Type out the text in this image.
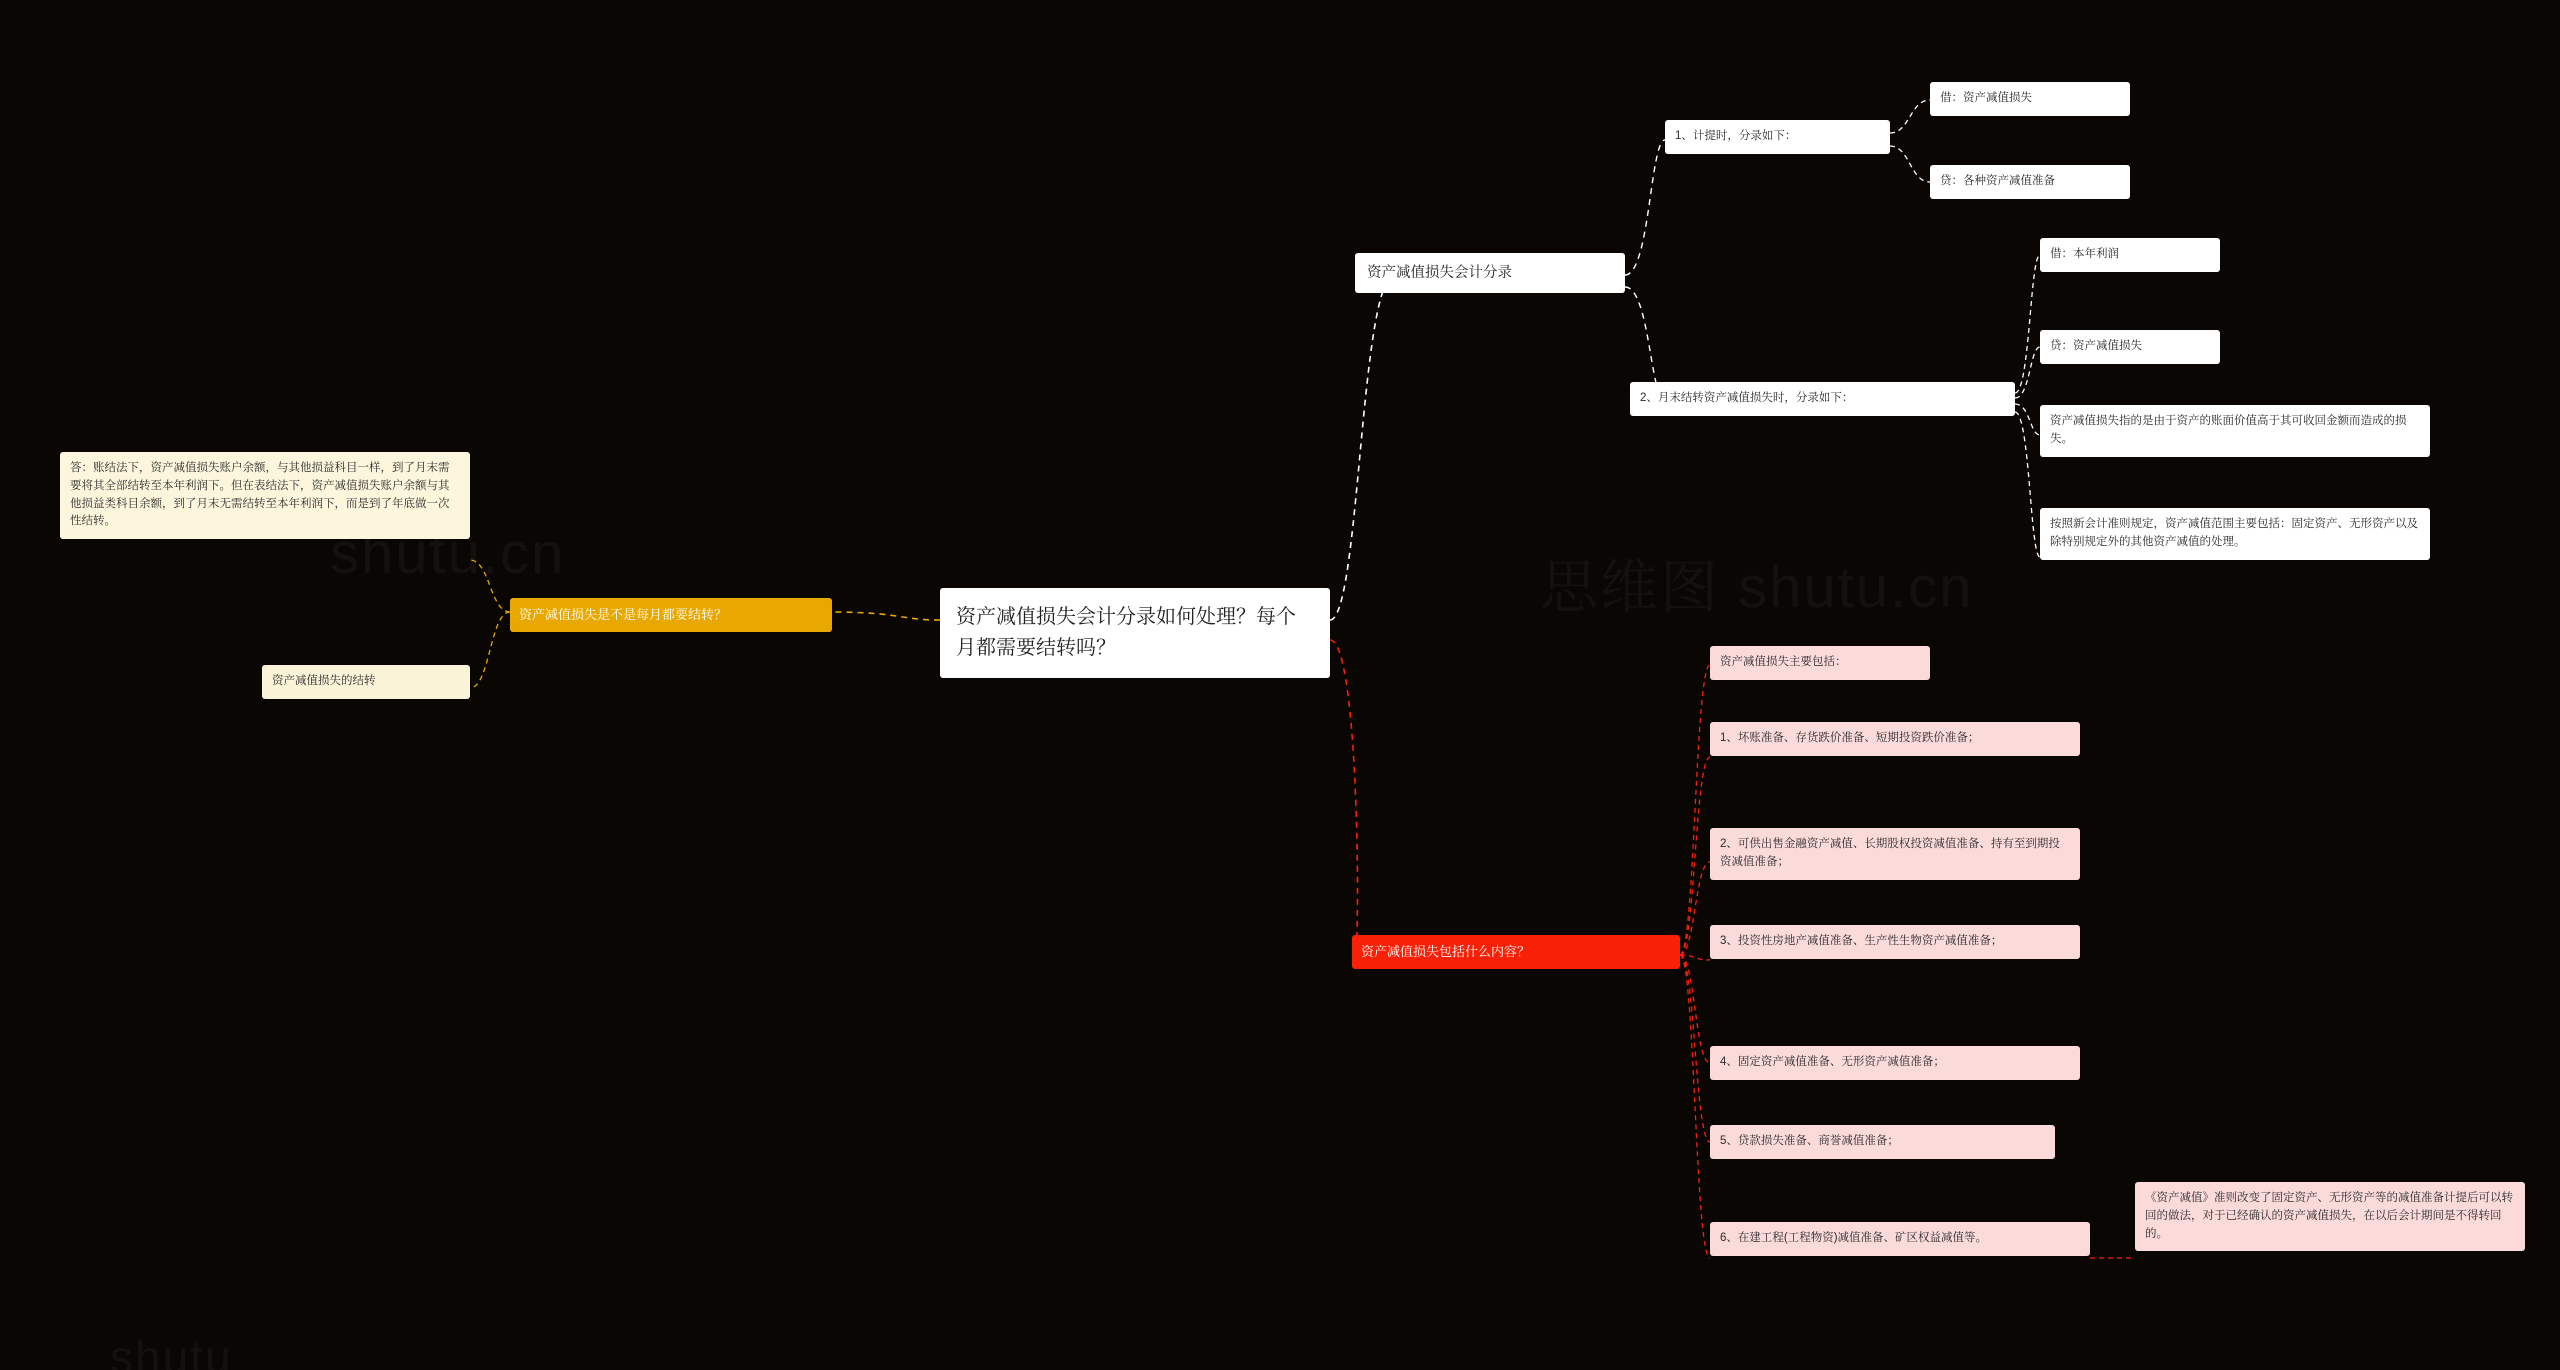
资产减值损失会计分录如何处理？每个月都需要结转吗？
资产减值损失是不是每月都要结转？
答：账结法下，资产减值损失账户余额，与其他损益科目一样，到了月末需要将其全部结转至本年利润下。但在表结法下，资产减值损失账户余额与其他损益类科目余额，到了月末无需结转至本年利润下，而是到了年底做一次性结转。
资产减值损失的结转
资产减值损失会计分录
1、计提时，分录如下：
借：资产减值损失
贷：各种资产减值准备
2、月末结转资产减值损失时，分录如下：
借：本年利润
贷：资产减值损失
资产减值损失指的是由于资产的账面价值高于其可收回金额而造成的损失。
按照新会计准则规定，资产减值范围主要包括：固定资产、无形资产以及除特别规定外的其他资产减值的处理。
资产减值损失包括什么内容？
资产减值损失主要包括：
1、坏账准备、存货跌价准备、短期投资跌价准备；
2、可供出售金融资产减值、长期股权投资减值准备、持有至到期投资减值准备；
3、投资性房地产减值准备、生产性生物资产减值准备；
4、固定资产减值准备、无形资产减值准备；
5、贷款损失准备、商誉减值准备；
6、在建工程(工程物资)减值准备、矿区权益减值等。
《资产减值》准则改变了固定资产、无形资产等的减值准备计提后可以转回的做法，对于已经确认的资产减值损失，在以后会计期间是不得转回的。
